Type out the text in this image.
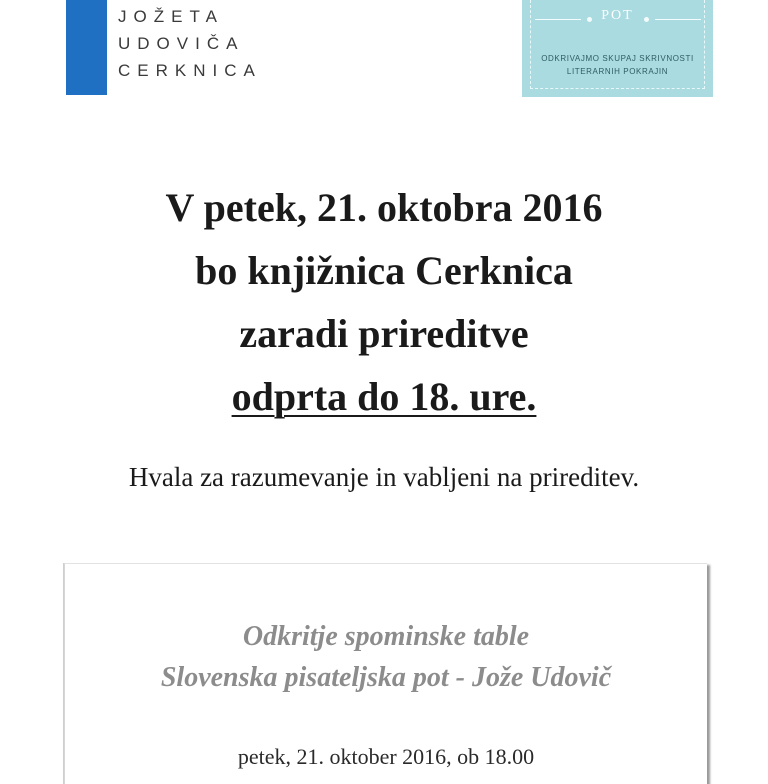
JOŽETA
UDOVIČA
CERKNICA
POT
ODKRIVAJMO SKUPAJ SKRIVNOSTI
LITERARNIH POKRAJIN
V petek, 21. oktobra 2016
bo knjižnica Cerknica
zaradi prireditve
odprta do 18. ure.
Hvala za razumevanje in vabljeni na prireditev.
Odkritje spominske table
Slovenska pisateljska pot - Jože Udovič
petek, 21. oktober 2016, ob 18.00
